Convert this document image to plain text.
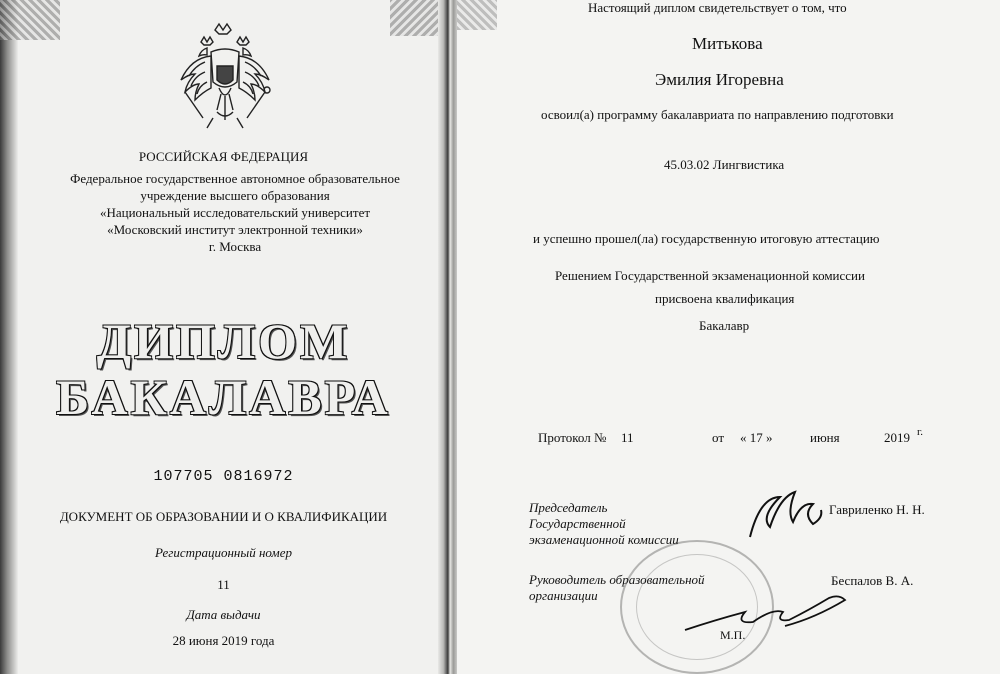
РОССИЙСКАЯ ФЕДЕРАЦИЯ
Федеральное государственное автономное образовательное
учреждение высшего образования
«Национальный исследовательский университет
«Московский институт электронной техники»
г. Москва
ДИПЛОМ
БАКАЛАВРА
107705 0816972
ДОКУМЕНТ ОБ ОБРАЗОВАНИИ И О КВАЛИФИКАЦИИ
Регистрационный номер
11
Дата выдачи
28 июня 2019 года
Настоящий диплом свидетельствует о том, что
Митькова
Эмилия Игоревна
освоил(а) программу бакалавриата по направлению подготовки
45.03.02 Лингвистика
и успешно прошел(ла) государственную итоговую аттестацию
Решением Государственной экзаменационной комиссии
присвоена квалификация
Бакалавр
Протокол № 11	от « 17 »	июня	2019 г.
Председатель
Государственной
экзаменационной комиссии
Гавриленко Н. Н.
Руководитель образовательной
организации
Беспалов В. А.
М.П.
